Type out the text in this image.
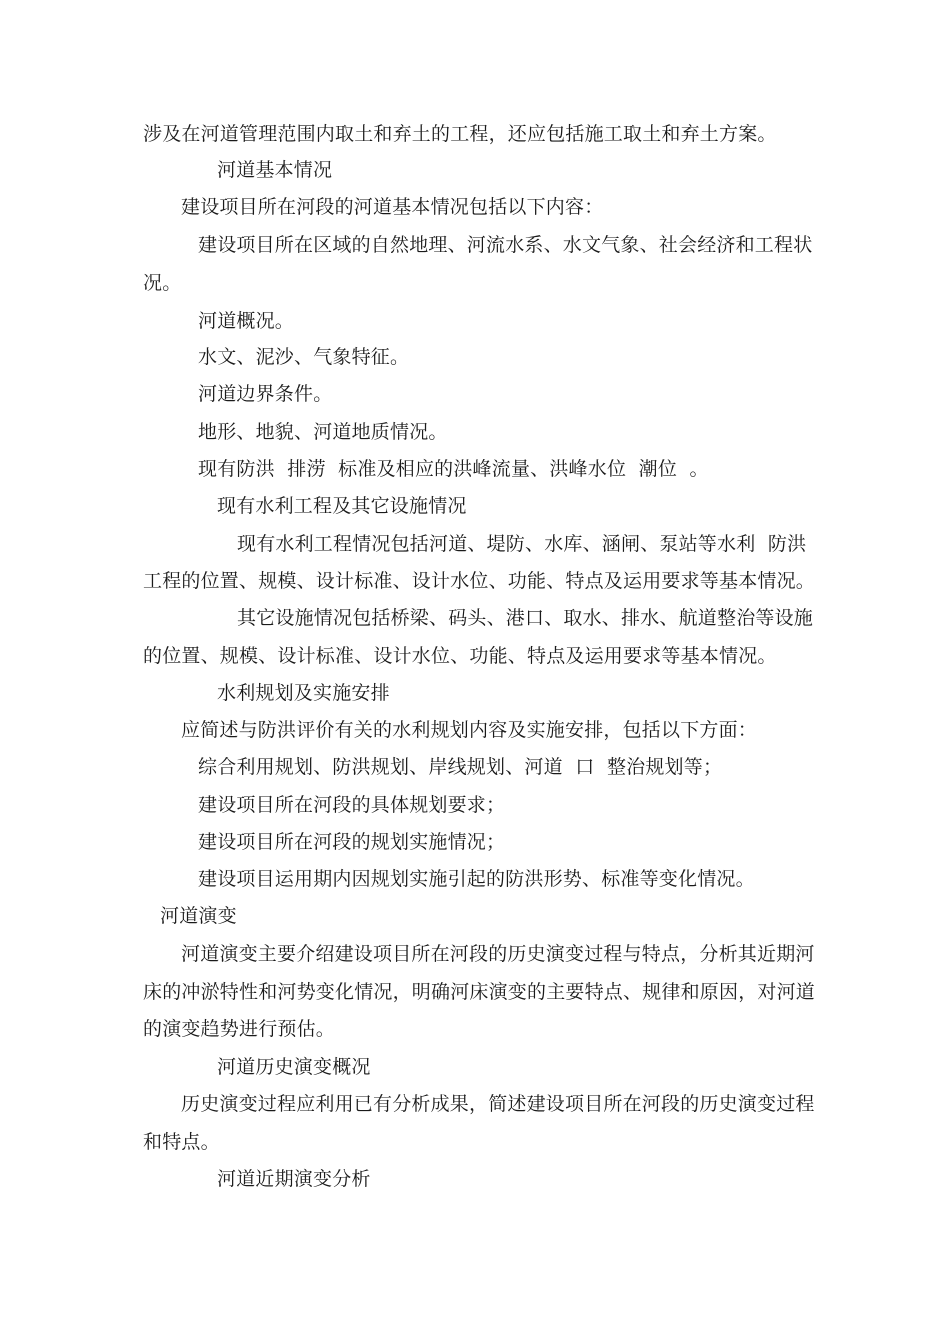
涉及在河道管理范围内取土和弃土的工程，还应包括施工取土和弃土方案。
河道基本情况
建设项目所在河段的河道基本情况包括以下内容：
建设项目所在区域的自然地理、河流水系、水文气象、社会经济和工程状
况。
河道概况。
水文、泥沙、气象特征。
河道边界条件。
地形、地貌、河道地质情况。
现有防洪  排涝  标准及相应的洪峰流量、洪峰水位  潮位  。
现有水利工程及其它设施情况
现有水利工程情况包括河道、堤防、水库、涵闸、泵站等水利  防洪
工程的位置、规模、设计标准、设计水位、功能、特点及运用要求等基本情况。
其它设施情况包括桥梁、码头、港口、取水、排水、航道整治等设施
的位置、规模、设计标准、设计水位、功能、特点及运用要求等基本情况。
水利规划及实施安排
应简述与防洪评价有关的水利规划内容及实施安排，包括以下方面：
综合利用规划、防洪规划、岸线规划、河道  口  整治规划等；
建设项目所在河段的具体规划要求；
建设项目所在河段的规划实施情况；
建设项目运用期内因规划实施引起的防洪形势、标准等变化情况。
河道演变
河道演变主要介绍建设项目所在河段的历史演变过程与特点，分析其近期河
床的冲淤特性和河势变化情况，明确河床演变的主要特点、规律和原因，对河道
的演变趋势进行预估。
河道历史演变概况
历史演变过程应利用已有分析成果，简述建设项目所在河段的历史演变过程
和特点。
河道近期演变分析
